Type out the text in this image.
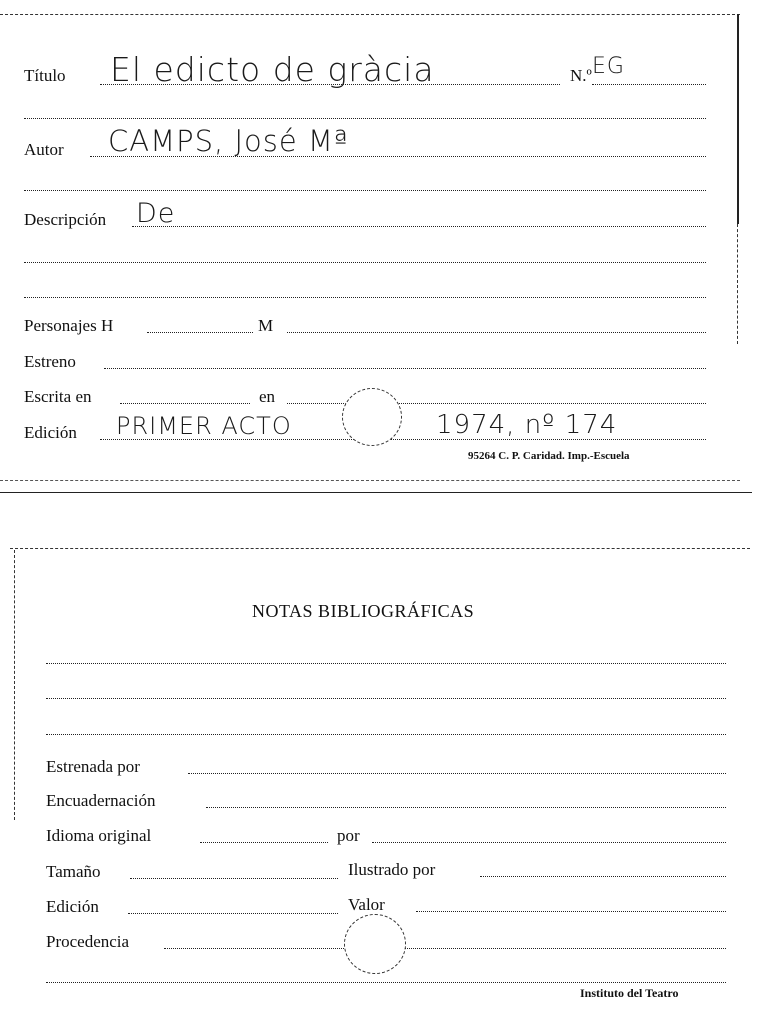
Título El edicto de gràcia	N.º EG
Autor CAMPS, José Mª
Descripción De
Personajes H	M
Estreno
Escrita en	en
Edición PRIMER ACTO	1974, nº 174
95264 C. P. Caridad. Imp.-Escuela
NOTAS BIBLIOGRÁFICAS
Estrenada por
Encuadernación
Idioma original	por
Tamaño	Ilustrado por
Edición	Valor
Procedencia
Instituto del Teatro
